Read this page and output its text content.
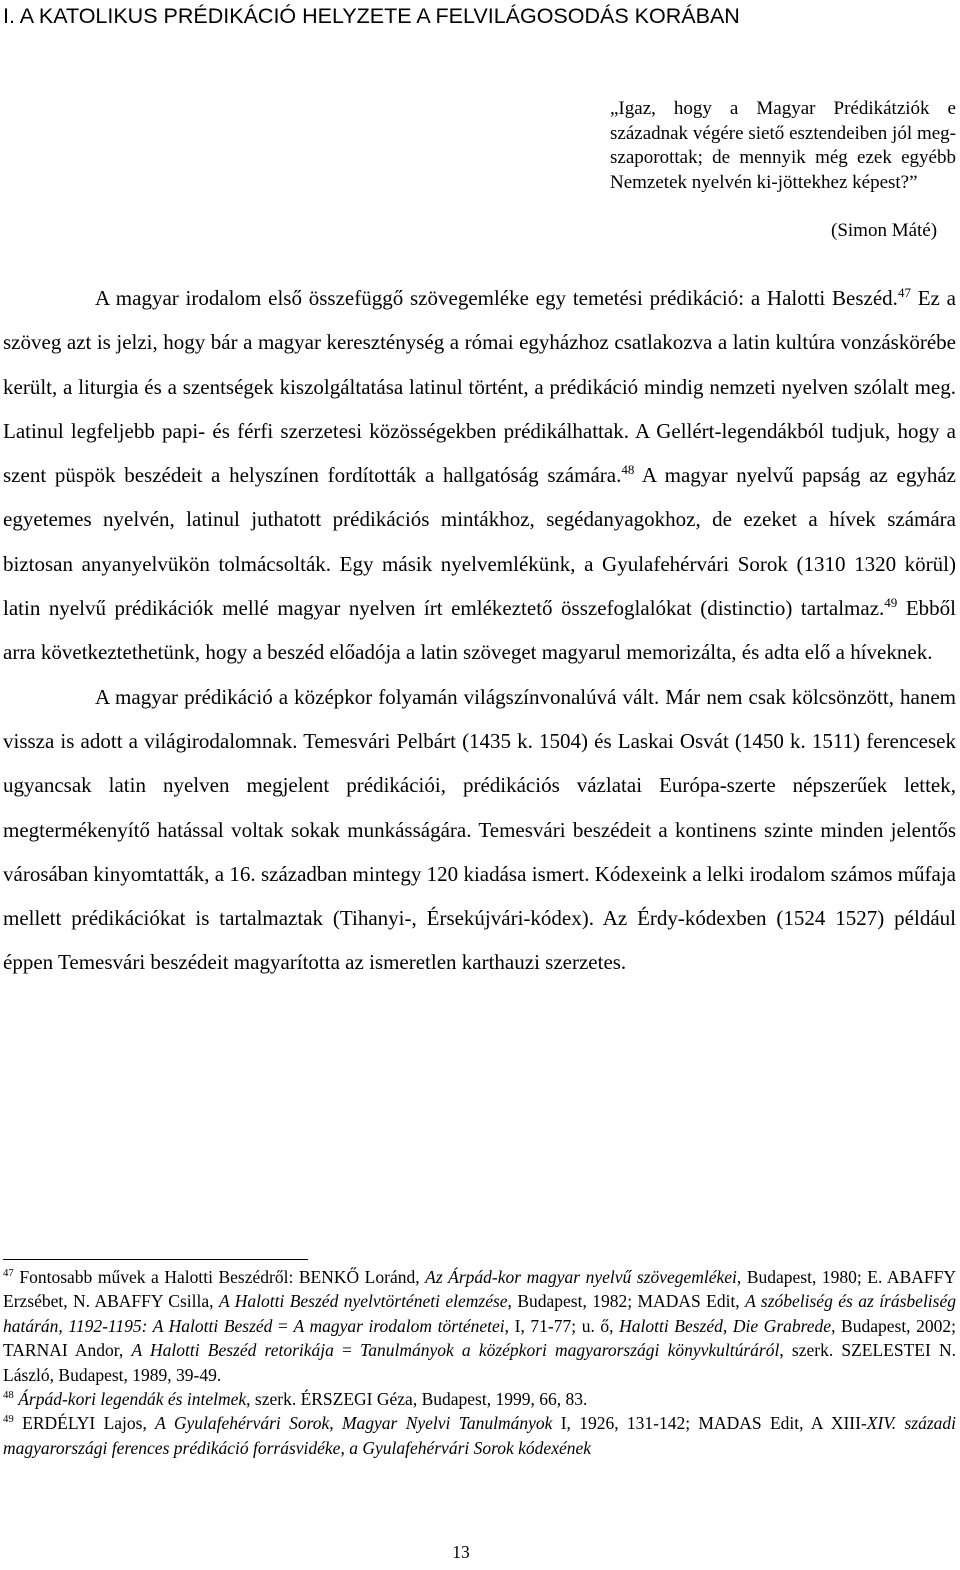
I. A KATOLIKUS PRÉDIKÁCIÓ HELYZETE A FELVILÁGOSODÁS KORÁBAN
„Igaz, hogy a Magyar Prédikátziók e századnak végére siető esztendeiben jól meg-szaporottak; de mennyik még ezek egyébb Nemzetek nyelvén ki-jöttekhez képest?”
(Simon Máté)

A magyar irodalom első összefüggő szövegemléke egy temetési prédikáció: a Halotti Beszéd.$^{47}$ Ez a szöveg azt is jelzi, hogy bár a magyar kereszténység a római egyházhoz csatlakozva a latin kultúra vonzáskörébe került, a liturgia és a szentségek kiszolgáltatása latinul történt, a prédikáció mindig nemzeti nyelven szólalt meg. Latinul legfeljebb papi- és férfi szerzetesi közösségekben prédikálhattak. A Gellért-legendákból tudjuk, hogy a szent püspök beszédeit a helyszínen fordították a hallgatóság számára.$^{48}$ A magyar nyelvű papság az egyház egyetemes nyelvén, latinul juthatott prédikációs mintákhoz, segédanyagokhoz, de ezeket a hívek számára biztosan anyanyelvükön tolmácsolták. Egy másik nyelvemlékünk, a Gyulafehérvári Sorok (1310 1320 körül) latin nyelvű prédikációk mellé magyar nyelven írt emlékeztető összefoglalókat (distinctio) tartalmaz.$^{49}$ Ebből arra következtethetünk, hogy a beszéd előadója a latin szöveget magyarul memorizálta, és adta elő a híveknek.

A magyar prédikáció a középkor folyamán világszínvonalúvá vált. Már nem csak kölcsönzött, hanem vissza is adott a világirodalomnak. Temesvári Pelbárt (1435 k. 1504) és Laskai Osvát (1450 k. 1511) ferencesek ugyancsak latin nyelven megjelent prédikációi, prédikációs vázlatai Európa-szerte népszerűek lettek, megtermékenyítő hatással voltak sokak munkásságára. Temesvári beszédeit a kontinens szinte minden jelentős városában kinyomtatták, a 16. században mintegy 120 kiadása ismert. Kódexeink a lelki irodalom számos műfaja mellett prédikációkat is tartalmaztak (Tihanyi-, Érsekújvári-kódex). Az Érdy-kódexben (1524 1527) például éppen Temesvári beszédeit magyarította az ismeretlen karthauzi szerzetes.

$^{47}$ Fontosabb művek a Halotti Beszédről: BENKŐ Loránd, Az Árpád-kor magyar nyelvű szövegemlékei, Budapest, 1980; E. ABAFFY Erzsébet, N. ABAFFY Csilla, A Halotti Beszéd nyelvtörténeti elemzése, Budapest, 1982; MADAS Edit, A szóbeliség és az írásbeliség határán, 1192-1195: A Halotti Beszéd = A magyar irodalom történetei, I, 71-77; u. ő, Halotti Beszéd, Die Grabrede, Budapest, 2002; TARNAI Andor, A Halotti Beszéd retorikája = Tanulmányok a középkori magyarországi könyvkultúráról, szerk. SZELESTEI N. László, Budapest, 1989, 39-49.

$^{48}$ Árpád-kori legendák és intelmek, szerk. ÉRSZEGI Géza, Budapest, 1999, 66, 83.

$^{49}$ ERDÉLYI Lajos, A Gyulafehérvári Sorok, Magyar Nyelvi Tanulmányok I, 1926, 131-142; MADAS Edit, A XIII-XIV. századi magyarországi ferences prédikáció forrásvidéke, a Gyulafehérvári Sorok kódexének

13
